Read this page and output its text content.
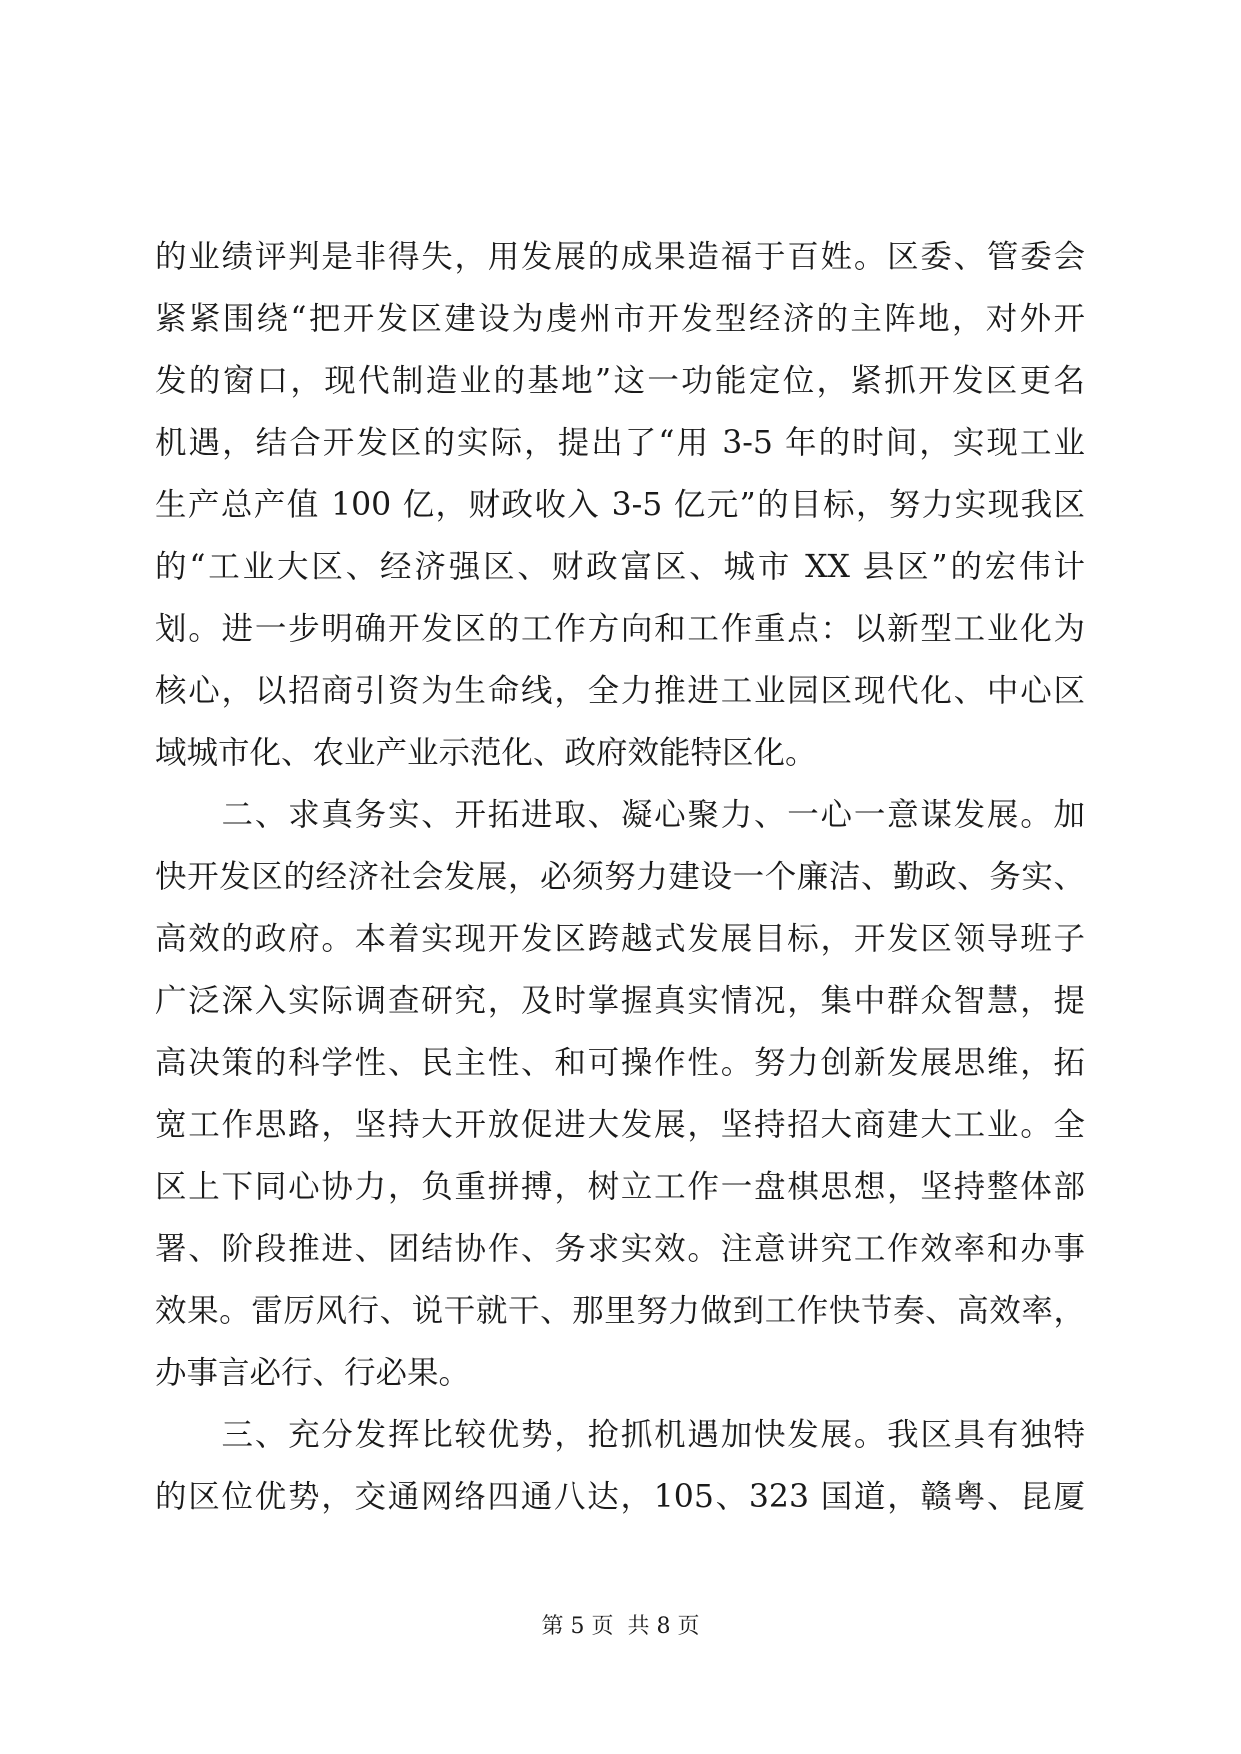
的业绩评判是非得失，用发展的成果造福于百姓。区委、管委会
紧紧围绕“把开发区建设为虔州市开发型经济的主阵地，对外开
发的窗口，现代制造业的基地”这一功能定位，紧抓开发区更名
机遇，结合开发区的实际，提出了“用 3-5 年的时间，实现工业
生产总产值 100 亿，财政收入 3-5 亿元”的目标，努力实现我区
的“工业大区、经济强区、财政富区、城市 XX 县区”的宏伟计
划。进一步明确开发区的工作方向和工作重点：以新型工业化为
核心，以招商引资为生命线，全力推进工业园区现代化、中心区
域城市化、农业产业示范化、政府效能特区化。
　　二、求真务实、开拓进取、凝心聚力、一心一意谋发展。加
快开发区的经济社会发展，必须努力建设一个廉洁、勤政、务实、
高效的政府。本着实现开发区跨越式发展目标，开发区领导班子
广泛深入实际调查研究，及时掌握真实情况，集中群众智慧，提
高决策的科学性、民主性、和可操作性。努力创新发展思维，拓
宽工作思路，坚持大开放促进大发展，坚持招大商建大工业。全
区上下同心协力，负重拼搏，树立工作一盘棋思想，坚持整体部
署、阶段推进、团结协作、务求实效。注意讲究工作效率和办事
效果。雷厉风行、说干就干、那里努力做到工作快节奏、高效率，
办事言必行、行必果。
　　三、充分发挥比较优势，抢抓机遇加快发展。我区具有独特
的区位优势，交通网络四通八达，105、323 国道，赣粤、昆厦
第 5 页  共 8 页
